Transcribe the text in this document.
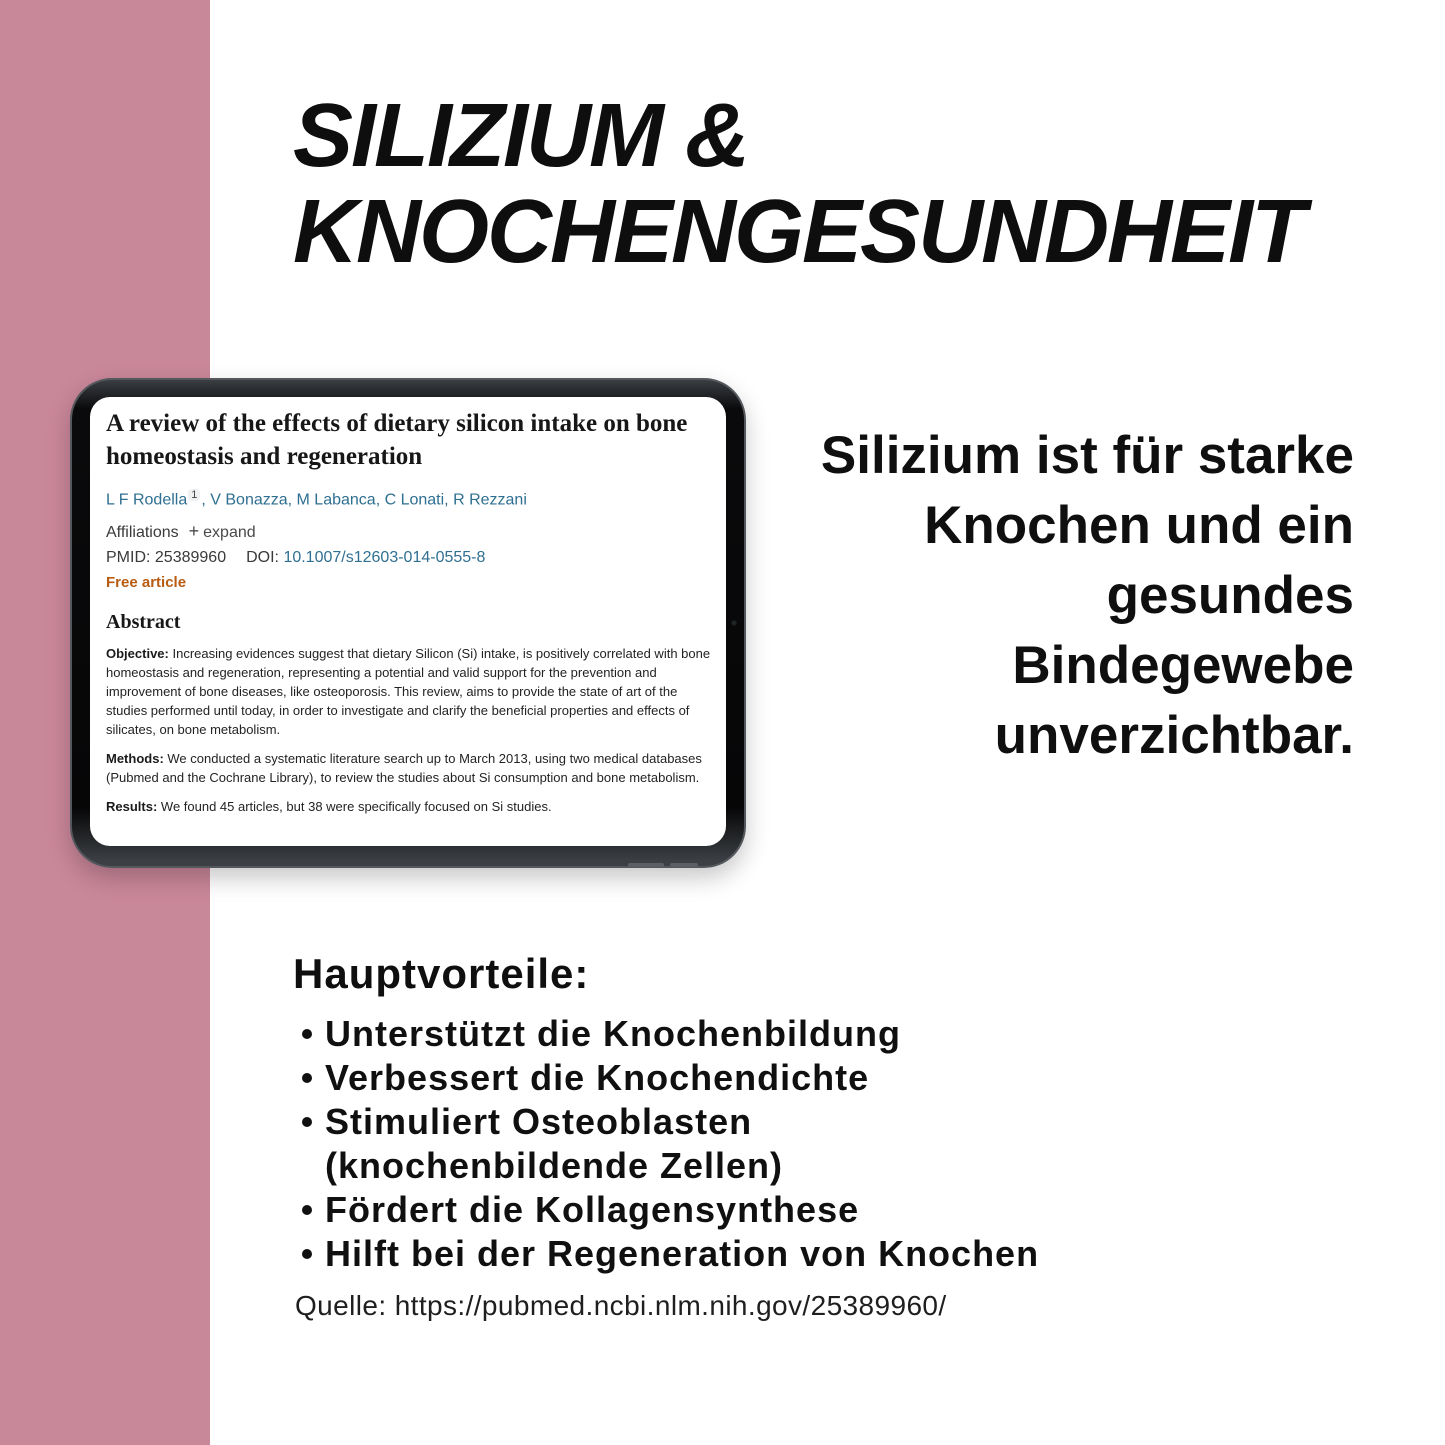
SILIZIUM &
KNOCHENGESUNDHEIT
A review of the effects of dietary silicon intake on bone homeostasis and regeneration

L F Rodella $^1$ , V Bonazza, M Labanca, C Lonati, R Rezzani

Affiliations + expand

PMID: 25389960 DOI: 10.1007/s12603-014-0555-8

Free article

Abstract

Objective: Increasing evidences suggest that dietary Silicon (Si) intake, is positively correlated with bone homeostasis and regeneration, representing a potential and valid support for the prevention and improvement of bone diseases, like osteoporosis. This review, aims to provide the state of art of the studies performed until today, in order to investigate and clarify the beneficial properties and effects of silicates, on bone metabolism.

Methods: We conducted a systematic literature search up to March 2013, using two medical databases (Pubmed and the Cochrane Library), to review the studies about Si consumption and bone metabolism.

Results: We found 45 articles, but 38 were specifically focused on Si studies.

Silizium ist für starke
Knochen und ein
gesundes
Bindegewebe
unverzichtbar.
Hauptvorteile:
Unterstützt die Knochenbildung
Verbessert die Knochendichte
Stimuliert Osteoblasten (knochenbildende Zellen)
Fördert die Kollagensynthese
Hilft bei der Regeneration von Knochen
Quelle: https://pubmed.ncbi.nlm.nih.gov/25389960/
